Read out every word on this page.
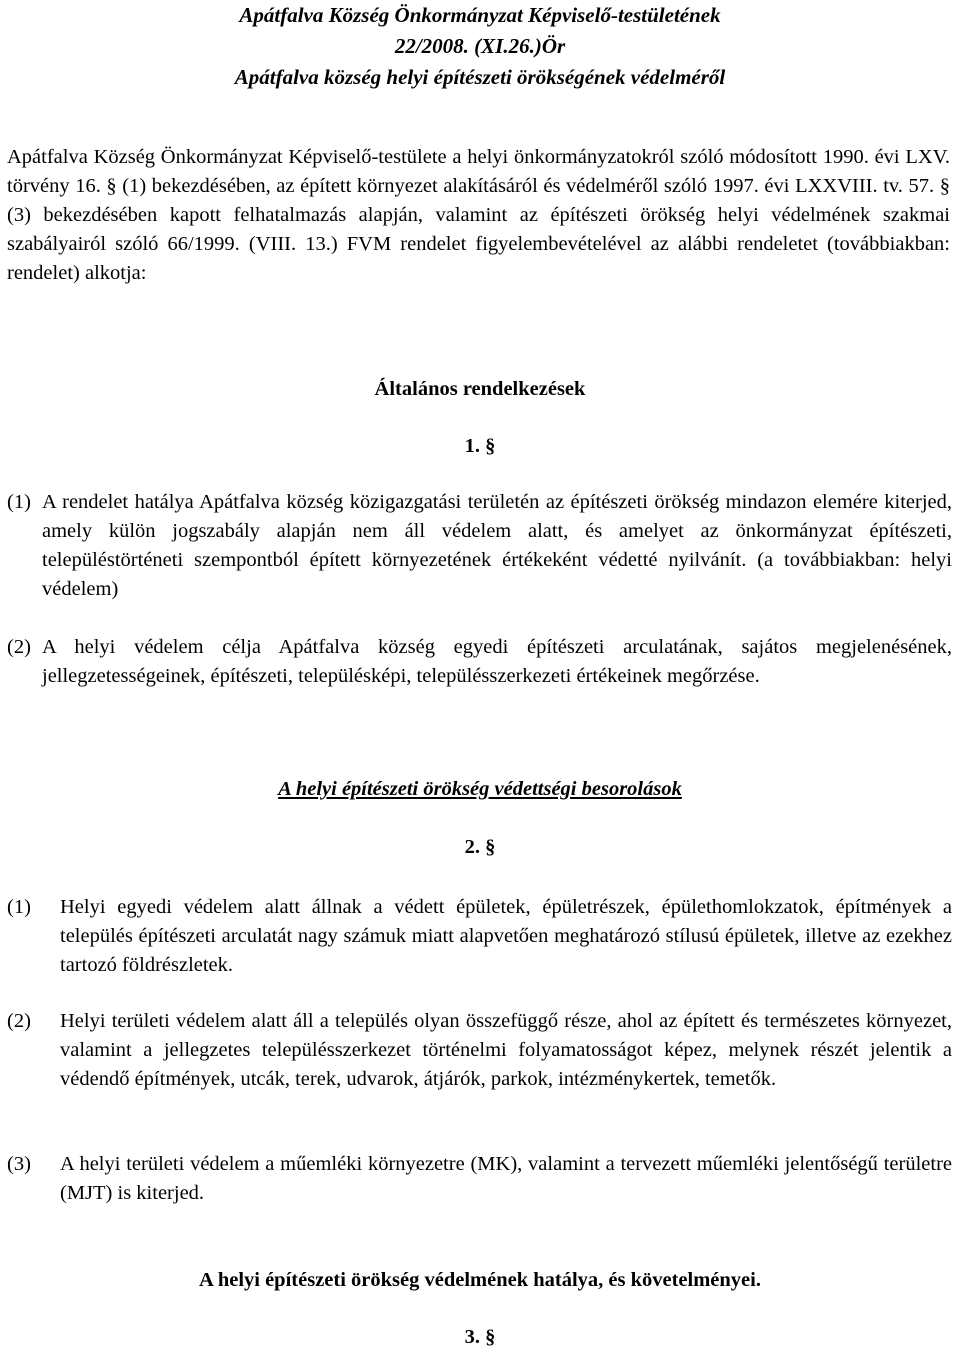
Apátfalva Község Önkormányzat Képviselő-testületének
22/2008. (XI.26.)Ör
Apátfalva község helyi építészeti örökségének védelméről
Apátfalva Község Önkormányzat Képviselő-testülete a helyi önkormányzatokról szóló módosított 1990. évi LXV. törvény 16. § (1) bekezdésében, az épített környezet alakításáról és védelméről szóló 1997. évi LXXVIII. tv. 57. § (3) bekezdésében kapott felhatalmazás alapján, valamint az építészeti örökség helyi védelmének szakmai szabályairól szóló 66/1999. (VIII. 13.) FVM rendelet figyelembevételével az alábbi rendeletet (továbbiakban: rendelet) alkotja:
Általános rendelkezések
1. §
(1) A rendelet hatálya Apátfalva község közigazgatási területén az építészeti örökség mindazon elemére kiterjed, amely külön jogszabály alapján nem áll védelem alatt, és amelyet az önkormányzat építészeti, településtörténeti szempontból épített környezetének értékeként védetté nyilvánít. (a továbbiakban: helyi védelem)
(2) A helyi védelem célja Apátfalva község egyedi építészeti arculatának, sajátos megjelenésének, jellegzetességeinek, építészeti, településképi, településszerkezeti értékeinek megőrzése.
A helyi építészeti örökség védettségi besorolások
2. §
(1)	Helyi egyedi védelem alatt állnak a védett épületek, épületrészek, épülethomlokzatok, építmények a település építészeti arculatát nagy számuk miatt alapvetően meghatározó stílusú épületek, illetve az ezekhez tartozó földrészletek.
(2)	Helyi területi védelem alatt áll a település olyan összefüggő része, ahol az épített és természetes környezet, valamint a jellegzetes településszerkezet történelmi folyamatosságot képez, melynek részét jelentik a védendő építmények, utcák, terek, udvarok, átjárók, parkok, intézménykertek, temetők.
(3)	A helyi területi védelem a műemléki környezetre (MK), valamint a tervezett műemléki jelentőségű területre (MJT) is kiterjed.
A helyi építészeti örökség védelmének hatálya, és követelményei.
3. §
